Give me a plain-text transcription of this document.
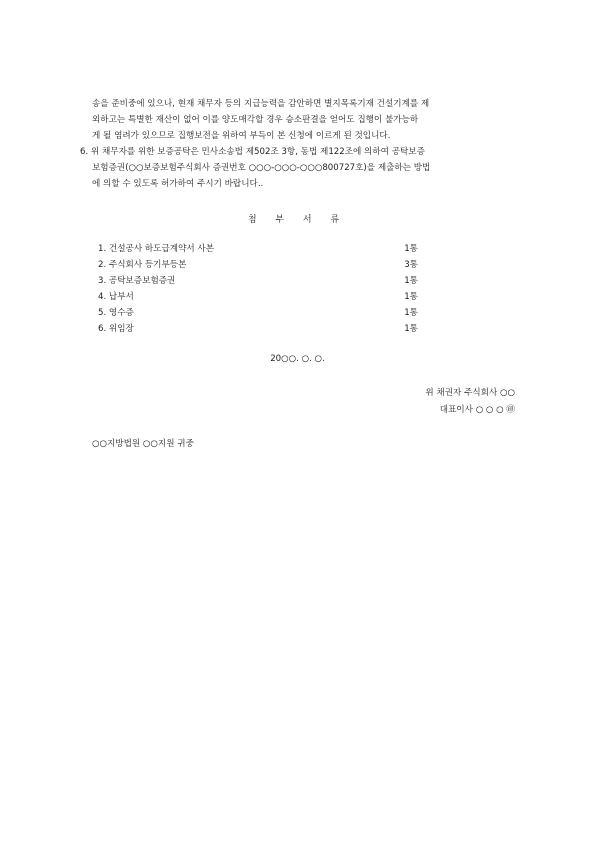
송을 준비중에 있으나, 현재 채무자 등의 지급능력을 감안하면 별지목록기재 건설기계를 제
외하고는 특별한 재산이 없어 이를 양도매각할 경우 승소판결을 얻어도 집행이 불가능하
게 될 염려가 있으므로 집행보전을 위하여 부득이 본 신청에 이르게 된 것입니다.
6. 위 채무자를 위한 보증공탁은 민사소송법 제502조 3항, 동법 제122조에 의하여 공탁보증
보험증권(○○보증보험주식회사 증권번호 ○○○-○○○-○○○800727호)을 제출하는 방법
에 의할 수 있도록 허가하여 주시기 바랍니다..
첨 부 서 류
1. 건설공사 하도급계약서 사본	1통
2. 주식회사 등기부등본	3통
3. 공탁보증보험증권	1통
4. 납부서	1통
5. 영수증	1통
6. 위임장	1통
20○○. ○. ○.
위 채권자 주식회사 ○○
대표이사 ○ ○ ○ ㊞
○○지방법원 ○○지원 귀중
